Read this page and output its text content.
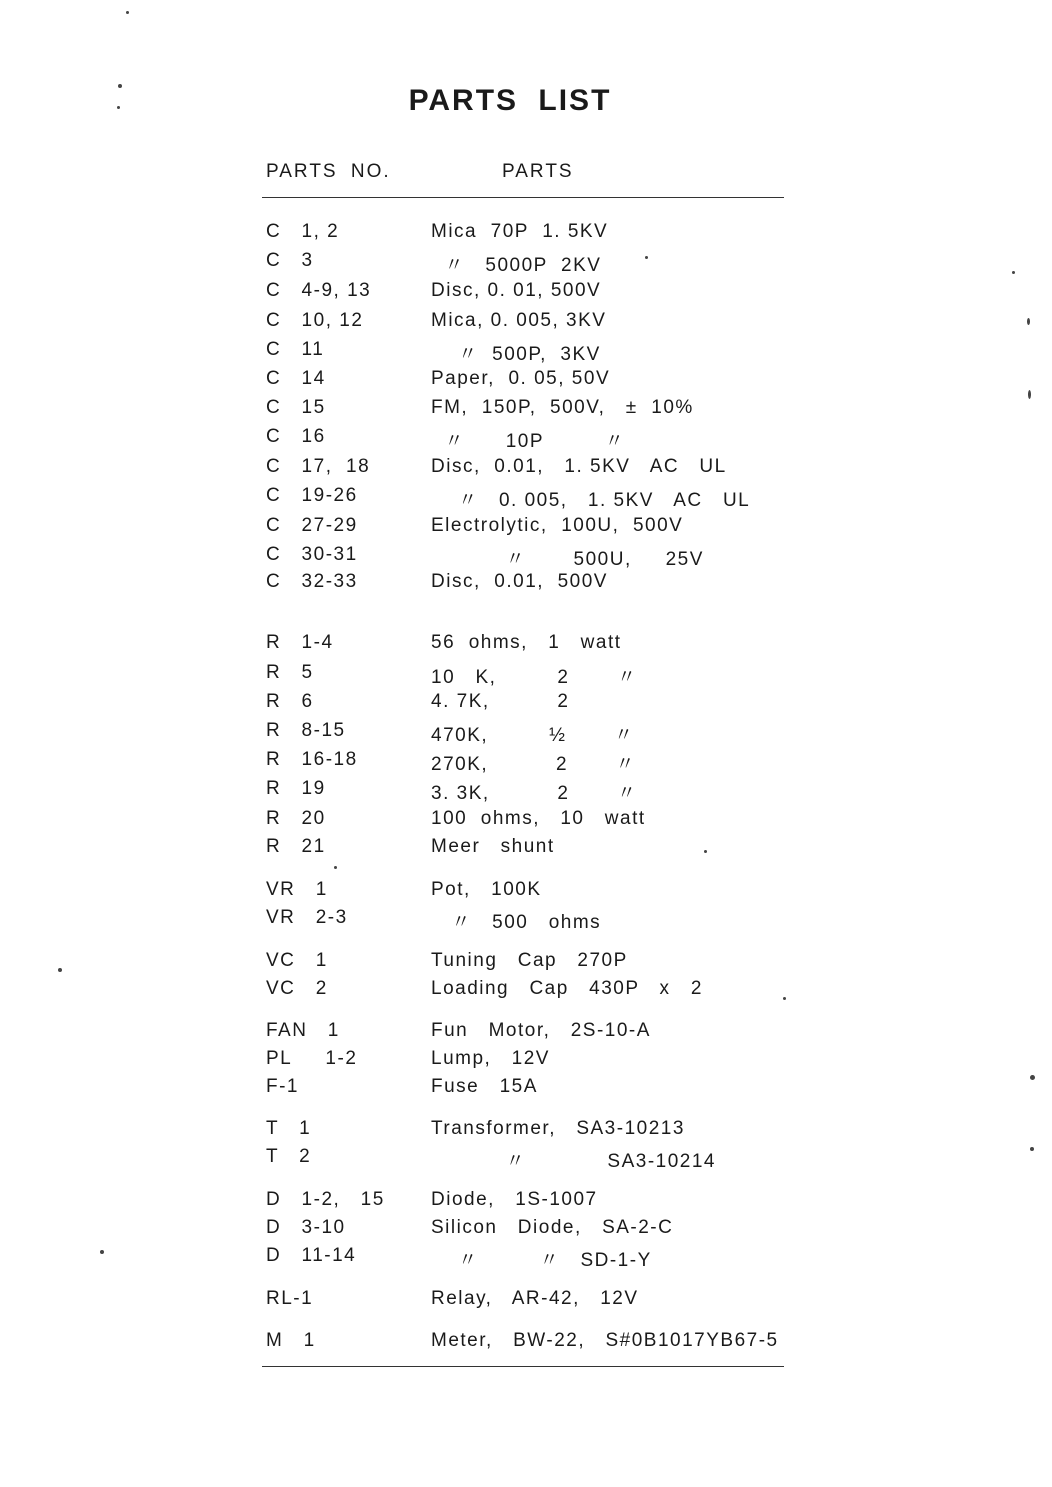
PARTS LIST
PARTS NO.	PARTS
C   1, 2	Mica  70P  1. 5KV
C   3	〃   5000P  2KV
C   4-9, 13	Disc, 0. 01, 500V
C   10, 12	Mica, 0. 005, 3KV
C   11	〃  500P,  3KV
C   14	Paper,  0. 05, 50V
C   15	FM,  150P,  500V,   ±  10%
C   16	〃      10P         〃
C   17,  18	Disc,  0.01,   1. 5KV   AC   UL
C   19-26	〃   0. 005,   1. 5KV   AC   UL
C   27-29	Electrolytic,  100U,  500V
C   30-31	〃       500U,     25V
C   32-33	Disc,  0.01,  500V
R   1-4	56  ohms,   1   watt
R   5	10   K,         2       〃
R   6	4. 7K,          2
R   8-15	470K,         ½       〃
R   16-18	270K,          2       〃
R   19	3. 3K,          2       〃
R   20	100  ohms,   10   watt
R   21	Meer   shunt
VR   1	Pot,   100K
VR   2-3	〃   500   ohms
VC   1	Tuning   Cap   270P
VC   2	Loading   Cap   430P   x   2
FAN   1	Fun   Motor,   2S-10-A
PL     1-2	Lump,   12V
F-1	Fuse   15A
T   1	Transformer,   SA3-10213
T   2	〃            SA3-10214
D   1-2,   15 Diode,   1S-1007
D   3-10	Silicon   Diode,   SA-2-C
D   11-14	〃         〃   SD-1-Y
RL-1	Relay,   AR-42,   12V
M   1	Meter,   BW-22,   S#0B1017YB67-5
